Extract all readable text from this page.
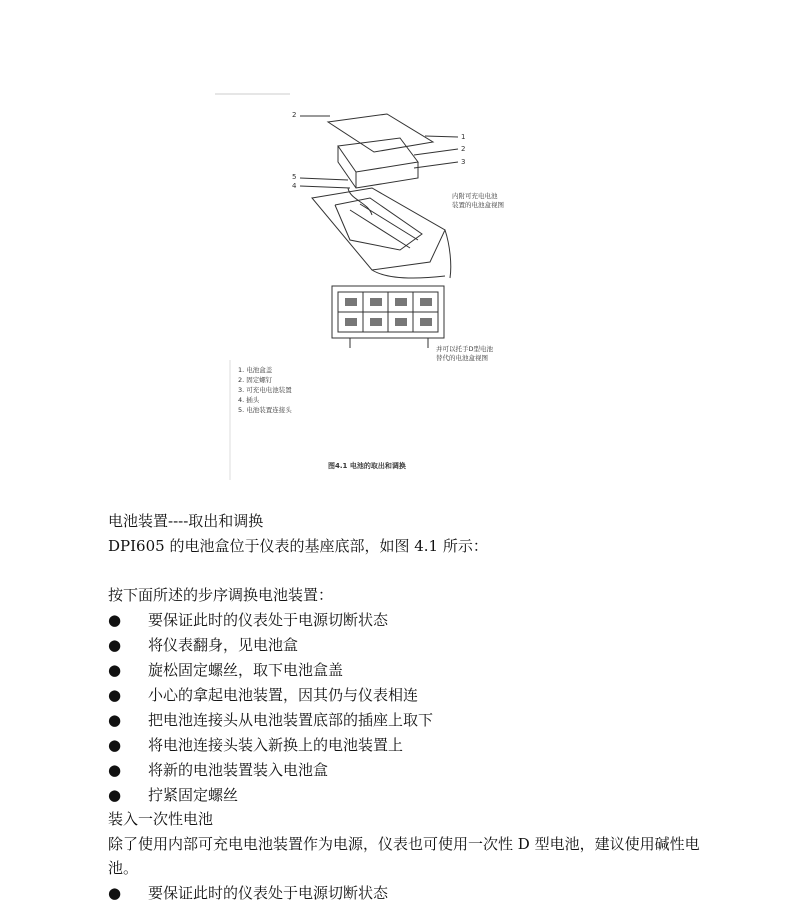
1
2
3
2
5
4
内附可充电电池
装置的电池盒视图
并可以托手D型电池
替代的电池盒视图
1. 电池盒盖
2. 固定螺钉
3. 可充电电池装置
4. 插头
5. 电池装置连接头
图4.1 电池的取出和调换
电池装置----取出和调换
DPI605 的电池盒位于仪表的基座底部，如图 4.1 所示：
按下面所述的步序调换电池装置：
● 要保证此时的仪表处于电源切断状态
● 将仪表翻身，见电池盒
● 旋松固定螺丝，取下电池盒盖
● 小心的拿起电池装置，因其仍与仪表相连
● 把电池连接头从电池装置底部的插座上取下
● 将电池连接头装入新换上的电池装置上
● 将新的电池装置装入电池盒
● 拧紧固定螺丝
装入一次性电池
除了使用内部可充电电池装置作为电源，仪表也可使用一次性 D 型电池，建议使用碱性电池。
● 要保证此时的仪表处于电源切断状态
